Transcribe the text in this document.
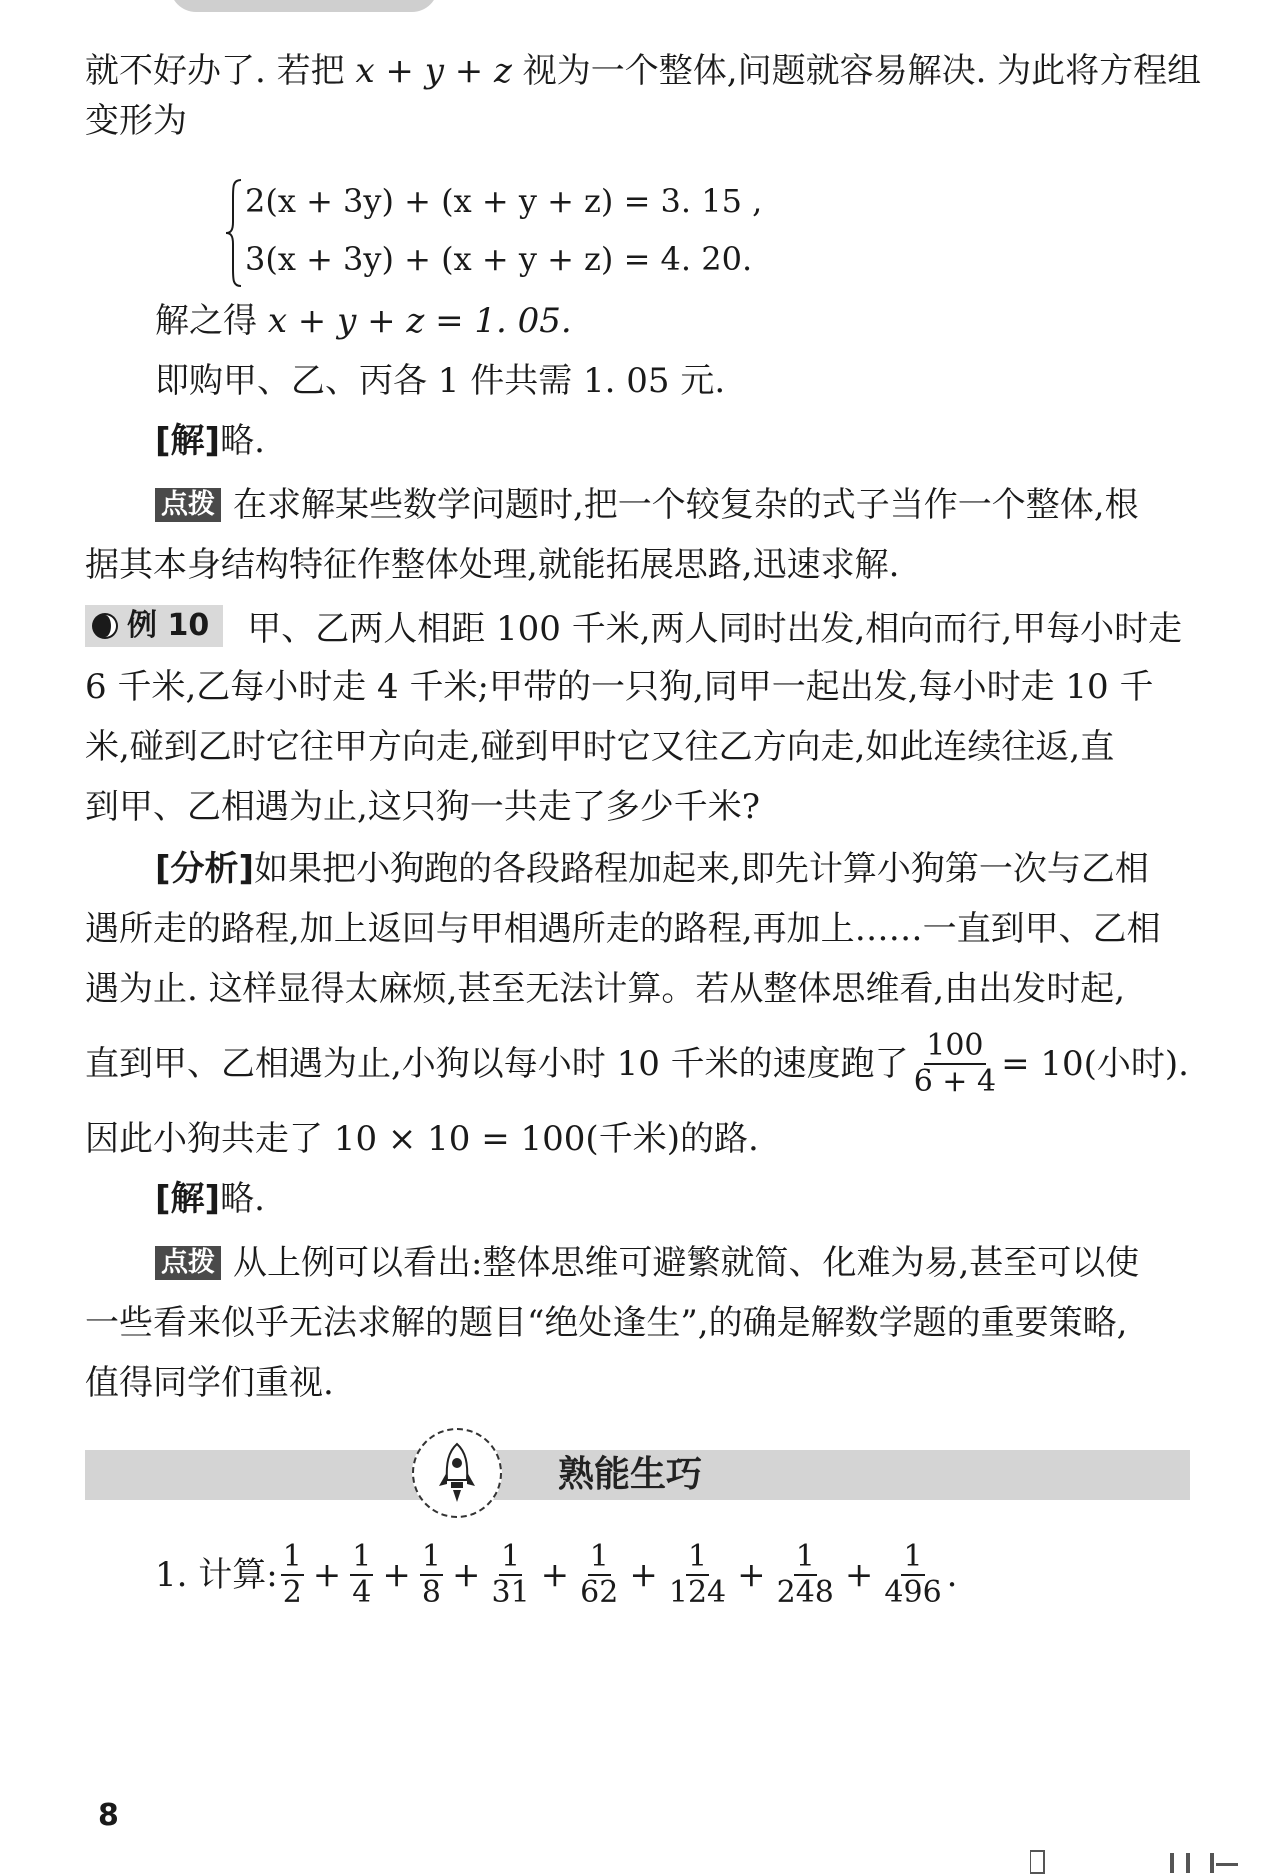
就不好办了. 若把 x + y + z 视为一个整体,问题就容易解决. 为此将方程组
变形为
2(x + 3y) + (x + y + z) = 3. 15 ,
3(x + 3y) + (x + y + z) = 4. 20.
解之得 x + y + z = 1. 05.
即购甲、乙、丙各 1 件共需 1. 05 元.
[解]略.
点拨 在求解某些数学问题时,把一个较复杂的式子当作一个整体,根
据其本身结构特征作整体处理,就能拓展思路,迅速求解.
例 10 甲、乙两人相距 100 千米,两人同时出发,相向而行,甲每小时走
6 千米,乙每小时走 4 千米;甲带的一只狗,同甲一起出发,每小时走 10 千
米,碰到乙时它往甲方向走,碰到甲时它又往乙方向走,如此连续往返,直
到甲、乙相遇为止,这只狗一共走了多少千米?
[分析]如果把小狗跑的各段路程加起来,即先计算小狗第一次与乙相
遇所走的路程,加上返回与甲相遇所走的路程,再加上……一直到甲、乙相
遇为止. 这样显得太麻烦,甚至无法计算。若从整体思维看,由出发时起,
直到甲、乙相遇为止,小狗以每小时 10 千米的速度跑了 $\frac{100}{6 + 4} = 10$(小时).
因此小狗共走了 10 × 10 = 100(千米)的路.
[解]略.
点拨 从上例可以看出:整体思维可避繁就简、化难为易,甚至可以使
一些看来似乎无法求解的题目“绝处逢生”,的确是解数学题的重要策略,
值得同学们重视.
熟能生巧
1. 计算: $\frac{1}{2} + \frac{1}{4} + \frac{1}{8} + \frac{1}{31} + \frac{1}{62} + \frac{1}{124} + \frac{1}{248} + \frac{1}{496}$ .
8
